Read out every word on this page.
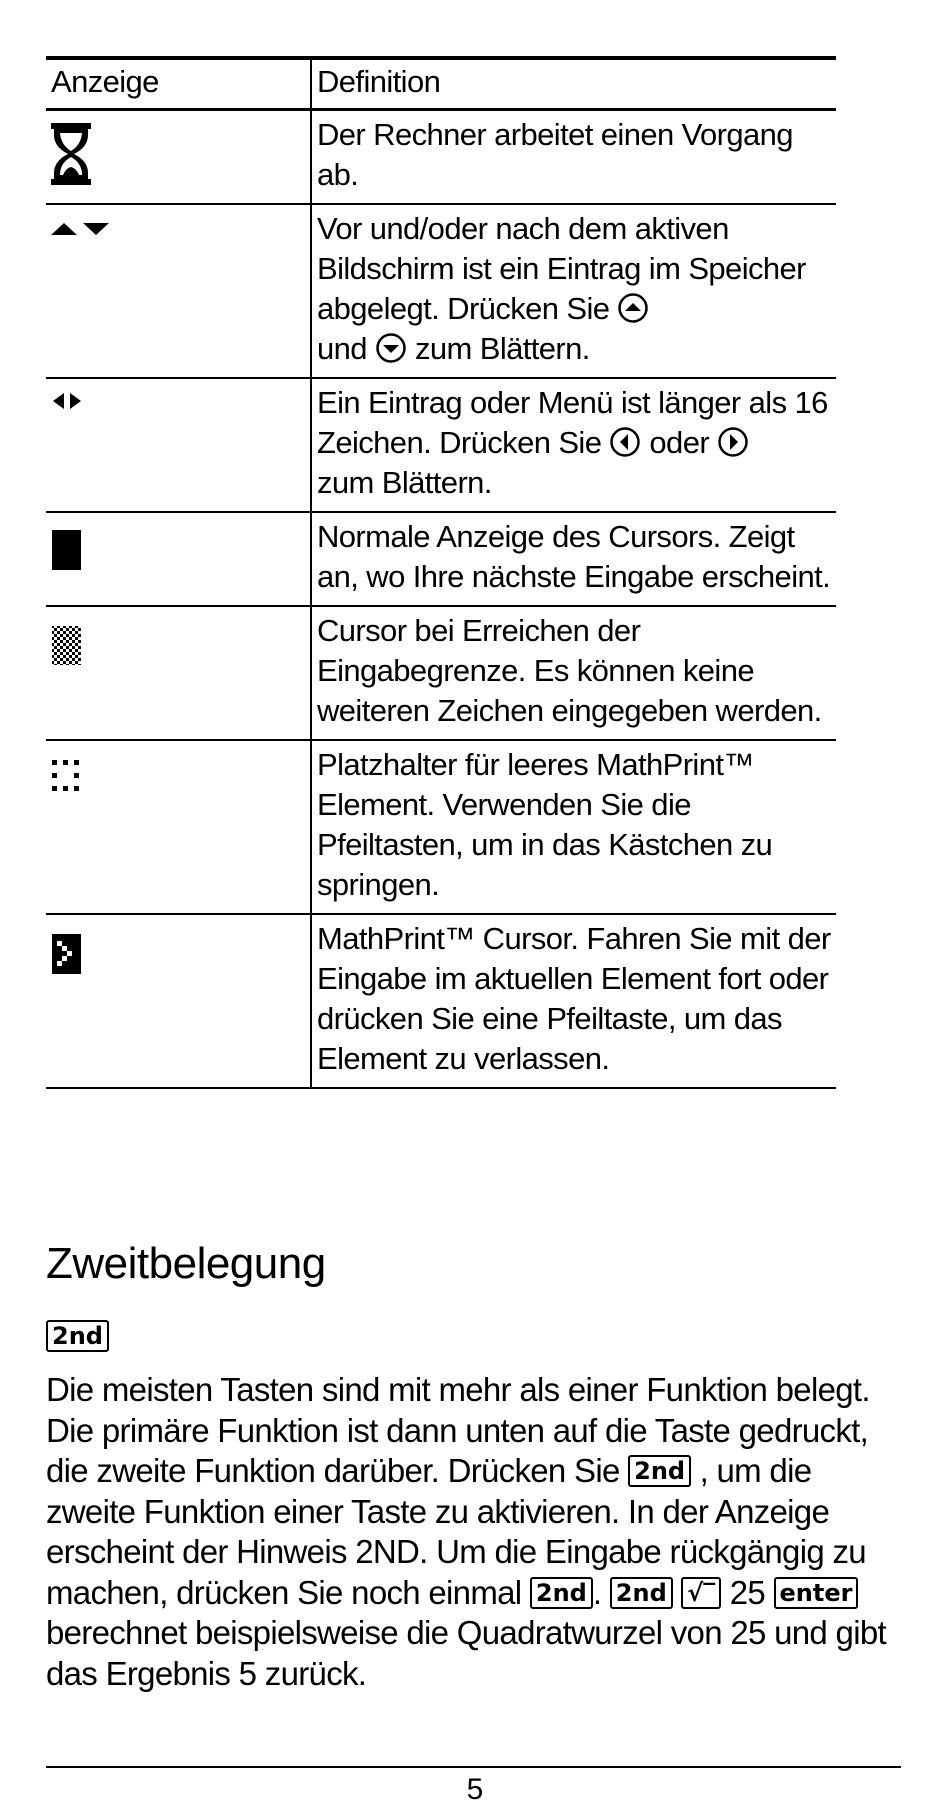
Anzeige	Definition

	Der Rechner arbeitet einen Vorgang ab.

	Vor und/oder nach dem aktiven Bildschirm ist ein Eintrag im Speicher abgelegt. Drücken Sie
und zum Blättern.

	Ein Eintrag oder Menü ist länger als 16 Zeichen. Drücken Sie oder
zum Blättern.

	Normale Anzeige des Cursors. Zeigt an, wo Ihre nächste Eingabe erscheint.

	Cursor bei Erreichen der Eingabegrenze. Es können keine weiteren Zeichen eingegeben werden.

	Platzhalter für leeres MathPrint™ Element. Verwenden Sie die Pfeiltasten, um in das Kästchen zu springen.

	MathPrint™ Cursor. Fahren Sie mit der Eingabe im aktuellen Element fort oder drücken Sie eine Pfeiltaste, um das Element zu verlassen.
Zweitbelegung
2nd
Die meisten Tasten sind mit mehr als einer Funktion belegt. Die primäre Funktion ist dann unten auf die Taste gedruckt, die zweite Funktion darüber. Drücken Sie 2nd , um die zweite Funktion einer Taste zu aktivieren. In der Anzeige erscheint der Hinweis 2ND. Um die Eingabe rückgängig zu machen, drücken Sie noch einmal 2nd . 2nd √‾ 25 enter berechnet beispielsweise die Quadratwurzel von 25 und gibt das Ergebnis 5 zurück.
5
